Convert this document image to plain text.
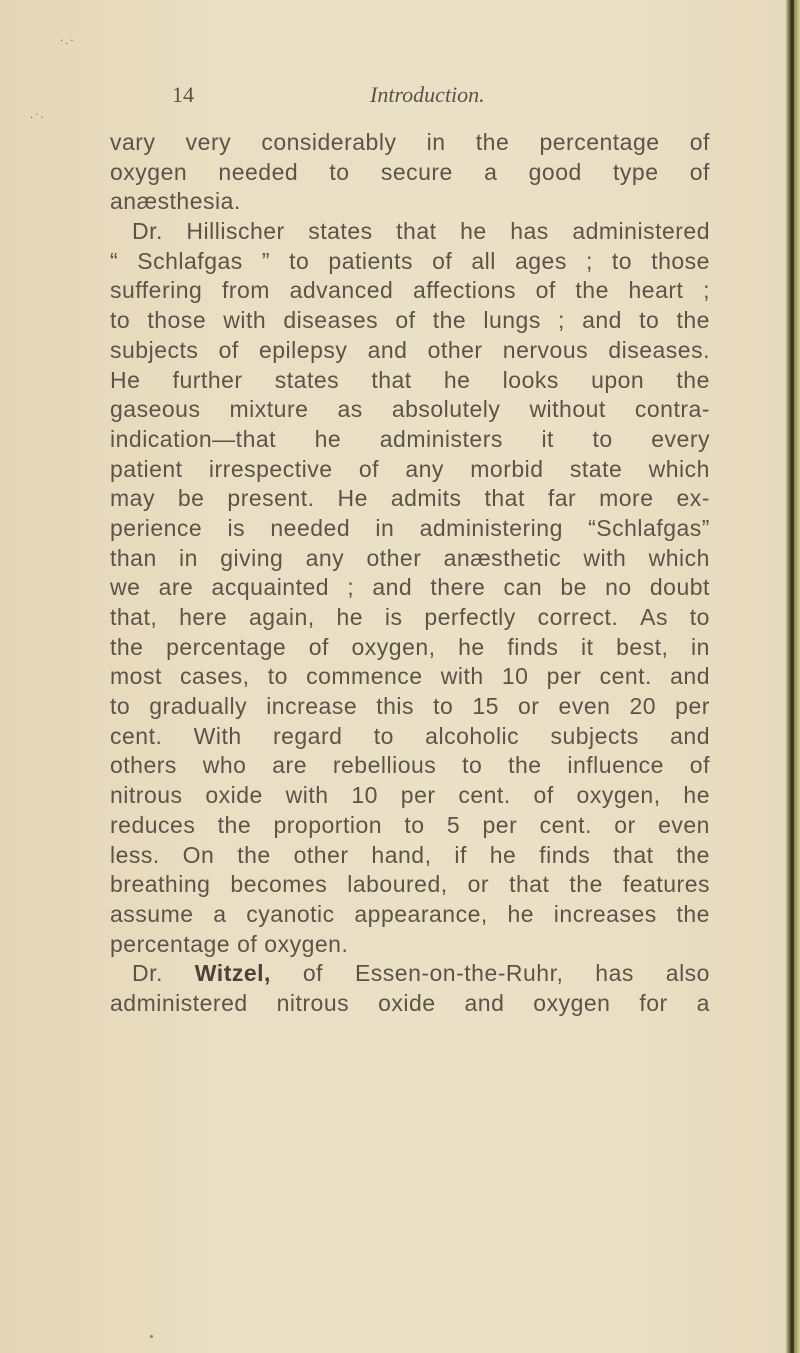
·.·
.·.
14	Introduction.
vary very considerably in the percentage of
oxygen needed to secure a good type of
anæsthesia.
Dr. Hillischer states that he has administered
“ Schlafgas ” to patients of all ages ; to those
suffering from advanced affections of the heart ;
to those with diseases of the lungs ; and to the
subjects of epilepsy and other nervous diseases.
He further states that he looks upon the
gaseous mixture as absolutely without contra-
indication—that he administers it to every
patient irrespective of any morbid state which
may be present. He admits that far more ex-
perience is needed in administering “Schlafgas”
than in giving any other anæsthetic with which
we are acquainted ; and there can be no doubt
that, here again, he is perfectly correct. As to
the percentage of oxygen, he finds it best, in
most cases, to commence with 10 per cent. and
to gradually increase this to 15 or even 20 per
cent. With regard to alcoholic subjects and
others who are rebellious to the influence of
nitrous oxide with 10 per cent. of oxygen, he
reduces the proportion to 5 per cent. or even
less. On the other hand, if he finds that the
breathing becomes laboured, or that the features
assume a cyanotic appearance, he increases the
percentage of oxygen.
Dr. Witzel, of Essen-on-the-Ruhr, has also
administered nitrous oxide and oxygen for a
